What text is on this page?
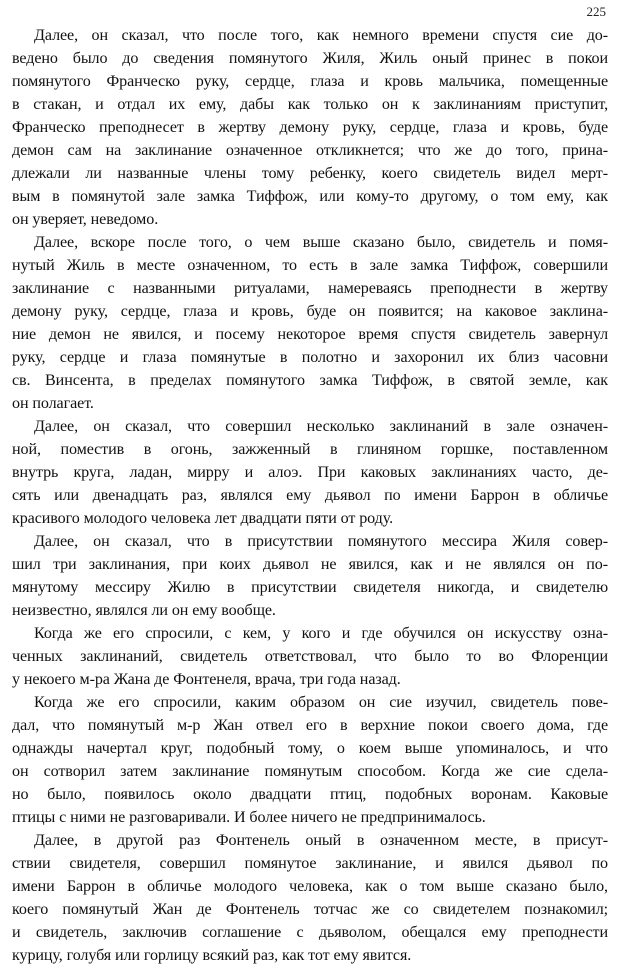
225
Далее, он сказал, что после того, как немного времени спустя сие до-
ведено было до сведения помянутого Жиля, Жиль оный принес в покои
помянутого Франческо руку, сердце, глаза и кровь мальчика, помещенные
в стакан, и отдал их ему, дабы как только он к заклинаниям приступит,
Франческо преподнесет в жертву демону руку, сердце, глаза и кровь, буде
демон сам на заклинание означенное откликнется; что же до того, прина-
длежали ли названные члены тому ребенку, коего свидетель видел мерт-
вым в помянутой зале замка Тиффож, или кому-то другому, о том ему, как
он уверяет, неведомо.
Далее, вскоре после того, о чем выше сказано было, свидетель и помя-
нутый Жиль в месте означенном, то есть в зале замка Тиффож, совершили
заклинание с названными ритуалами, намереваясь преподнести в жертву
демону руку, сердце, глаза и кровь, буде он появится; на каковое заклина-
ние демон не явился, и посему некоторое время спустя свидетель завернул
руку, сердце и глаза помянутые в полотно и захоронил их близ часовни
св. Винсента, в пределах помянутого замка Тиффож, в святой земле, как
он полагает.
Далее, он сказал, что совершил несколько заклинаний в зале означен-
ной, поместив в огонь, зажженный в глиняном горшке, поставленном
внутрь круга, ладан, мирру и алоэ. При каковых заклинаниях часто, де-
сять или двенадцать раз, являлся ему дьявол по имени Баррон в обличье
красивого молодого человека лет двадцати пяти от роду.
Далее, он сказал, что в присутствии помянутого мессира Жиля совер-
шил три заклинания, при коих дьявол не явился, как и не являлся он по-
мянутому мессиру Жилю в присутствии свидетеля никогда, и свидетелю
неизвестно, являлся ли он ему вообще.
Когда же его спросили, с кем, у кого и где обучился он искусству озна-
ченных заклинаний, свидетель ответствовал, что было то во Флоренции
у некоего м-ра Жана де Фонтенеля, врача, три года назад.
Когда же его спросили, каким образом он сие изучил, свидетель пове-
дал, что помянутый м-р Жан отвел его в верхние покои своего дома, где
однажды начертал круг, подобный тому, о коем выше упоминалось, и что
он сотворил затем заклинание помянутым способом. Когда же сие сдела-
но было, появилось около двадцати птиц, подобных воронам. Каковые
птицы с ними не разговаривали. И более ничего не предпринималось.
Далее, в другой раз Фонтенель оный в означенном месте, в присут-
ствии свидетеля, совершил помянутое заклинание, и явился дьявол по
имени Баррон в обличье молодого человека, как о том выше сказано было,
коего помянутый Жан де Фонтенель тотчас же со свидетелем познакомил;
и свидетель, заключив соглашение с дьяволом, обещался ему преподнести
курицу, голубя или горлицу всякий раз, как тот ему явится.
